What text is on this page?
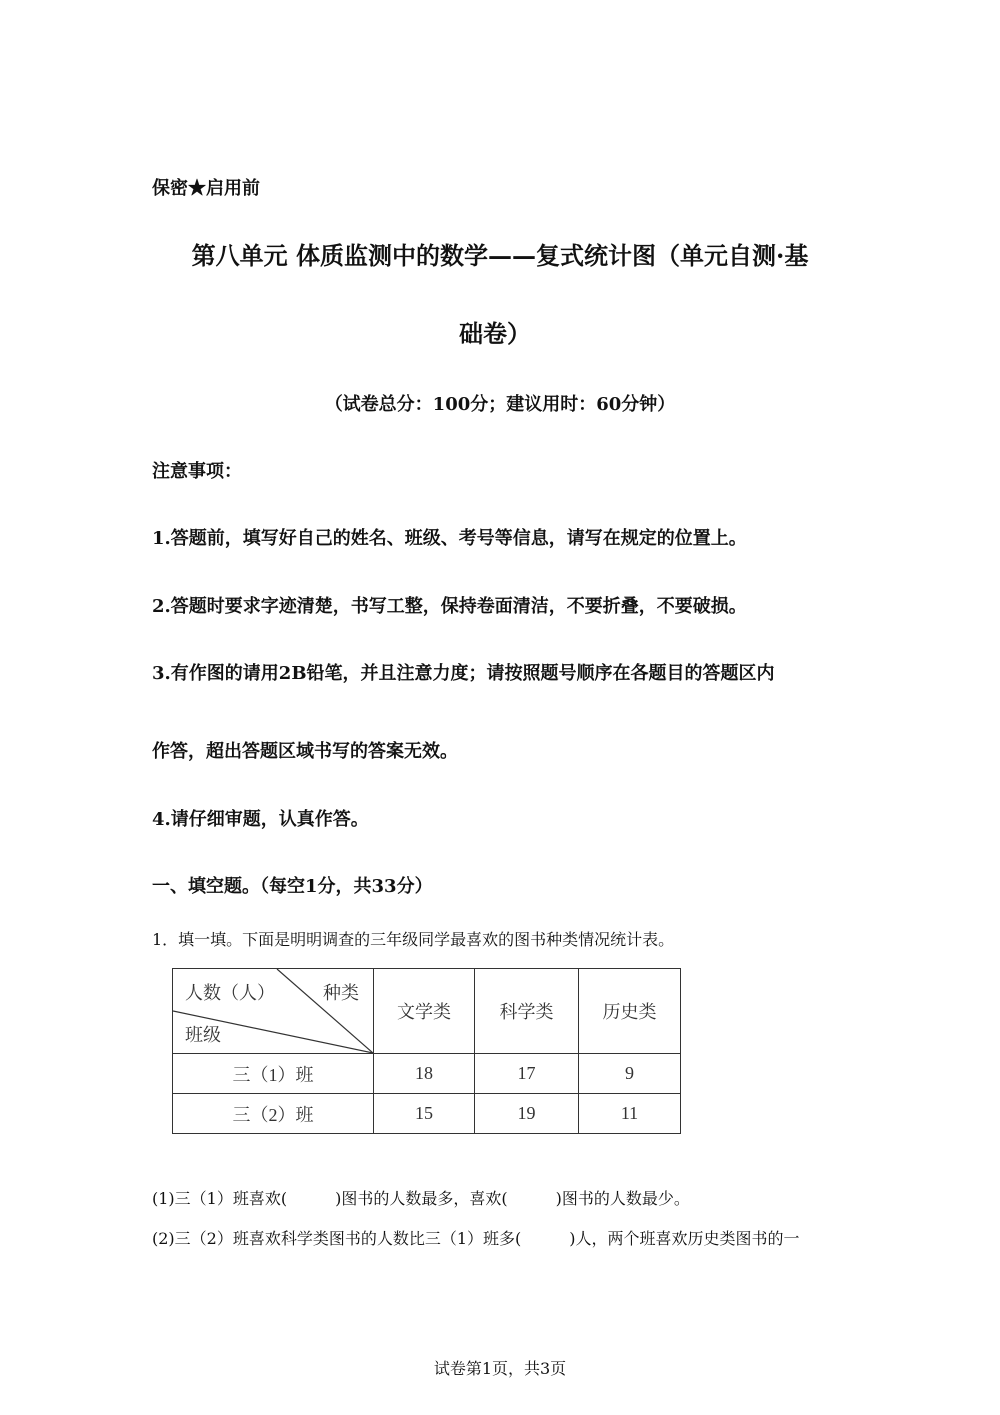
保密★启用前
第八单元 体质监测中的数学——复式统计图（单元自测·基
础卷）
（试卷总分：100分；建议用时：60分钟）
注意事项：
1.答题前，填写好自己的姓名、班级、考号等信息，请写在规定的位置上。
2.答题时要求字迹清楚，书写工整，保持卷面清洁，不要折叠，不要破损。
3.有作图的请用2B铅笔，并且注意力度；请按照题号顺序在各题目的答题区内
作答，超出答题区域书写的答案无效。
4.请仔细审题，认真作答。
一、填空题。（每空1分，共33分）
1．填一填。下面是明明调查的三年级同学最喜欢的图书种类情况统计表。
人数（人） 种类
班级	文学类	科学类	历史类
三（1）班	18	17	9
三（2）班	15	19	11
(1)三（1）班喜欢(　　　)图书的人数最多，喜欢(　　　)图书的人数最少。
(2)三（2）班喜欢科学类图书的人数比三（1）班多(　　　)人，两个班喜欢历史类图书的一
试卷第1页，共3页
